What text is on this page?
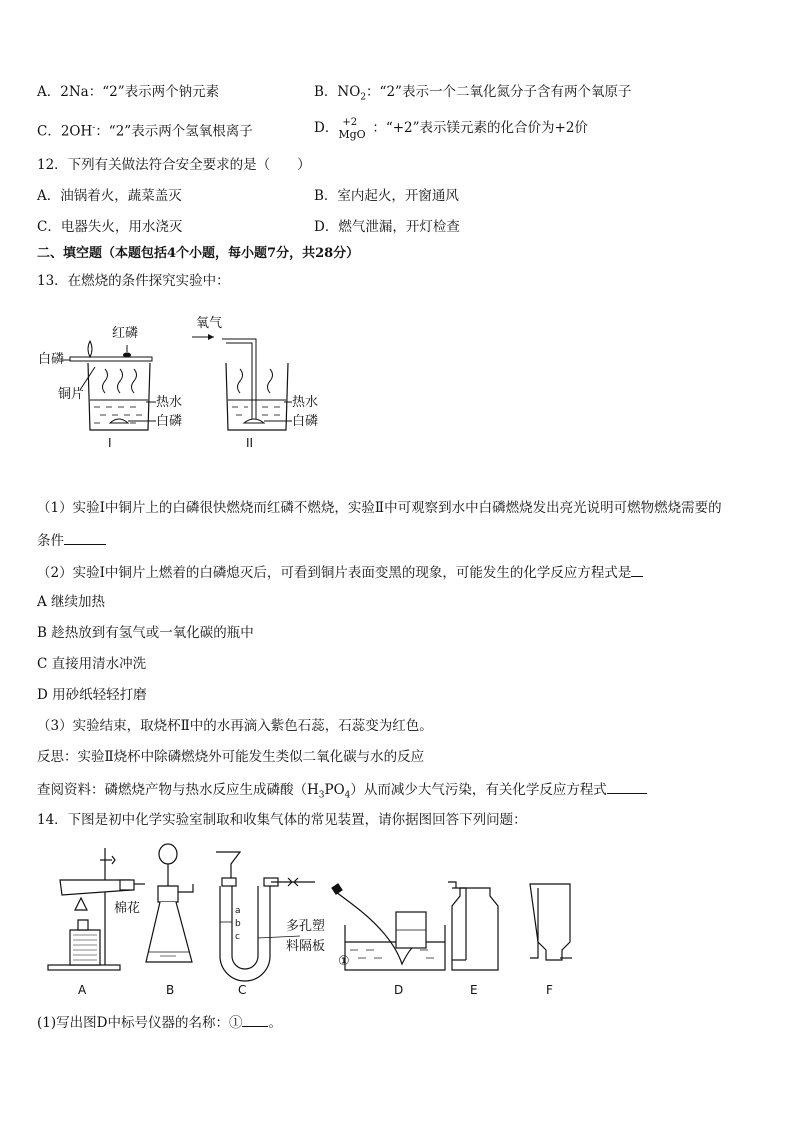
A．2Na：“2”表示两个钠元素	B．$NO_2$：“2”表示一个二氧化氮分子含有两个氧原子
C．2OH-：“2”表示两个氢氧根离子	D． +2
MgO ：“+2”表示镁元素的化合价为+2价
12．下列有关做法符合安全要求的是（　　）
A．油锅着火，蔬菜盖灭	B．室内起火，开窗通风
C．电器失火，用水浇灭	D．燃气泄漏，开灯检查
二、填空题（本题包括4个小题，每小题7分，共28分）
13．在燃烧的条件探究实验中：
红磷
白磷
铜片
热水
白磷
I
氧气
热水
白磷
II
（1）实验Ⅰ中铜片上的白磷很快燃烧而红磷不燃烧，实验Ⅱ中可观察到水中白磷燃烧发出亮光说明可燃物燃烧需要的
条件
（2）实验Ⅰ中铜片上燃着的白磷熄灭后，可看到铜片表面变黑的现象，可能发生的化学反应方程式是
A 继续加热
B 趁热放到有氢气或一氧化碳的瓶中
C 直接用清水冲洗
D 用砂纸轻轻打磨
（3）实验结束，取烧杯Ⅱ中的水再滴入紫色石蕊，石蕊变为红色。
反思：实验Ⅱ烧杯中除磷燃烧外可能发生类似二氧化碳与水的反应
查阅资料：磷燃烧产物与热水反应生成磷酸$(H_3PO_4)$从而减少大气污染，有关化学反应方程式
14．下图是初中化学实验室制取和收集气体的常见装置，请你据图回答下列问题：
棉花
A	B
a
b
c
多孔塑
料隔板
C
①
D	E	F
(1)写出图D中标号仪器的名称：① 。
